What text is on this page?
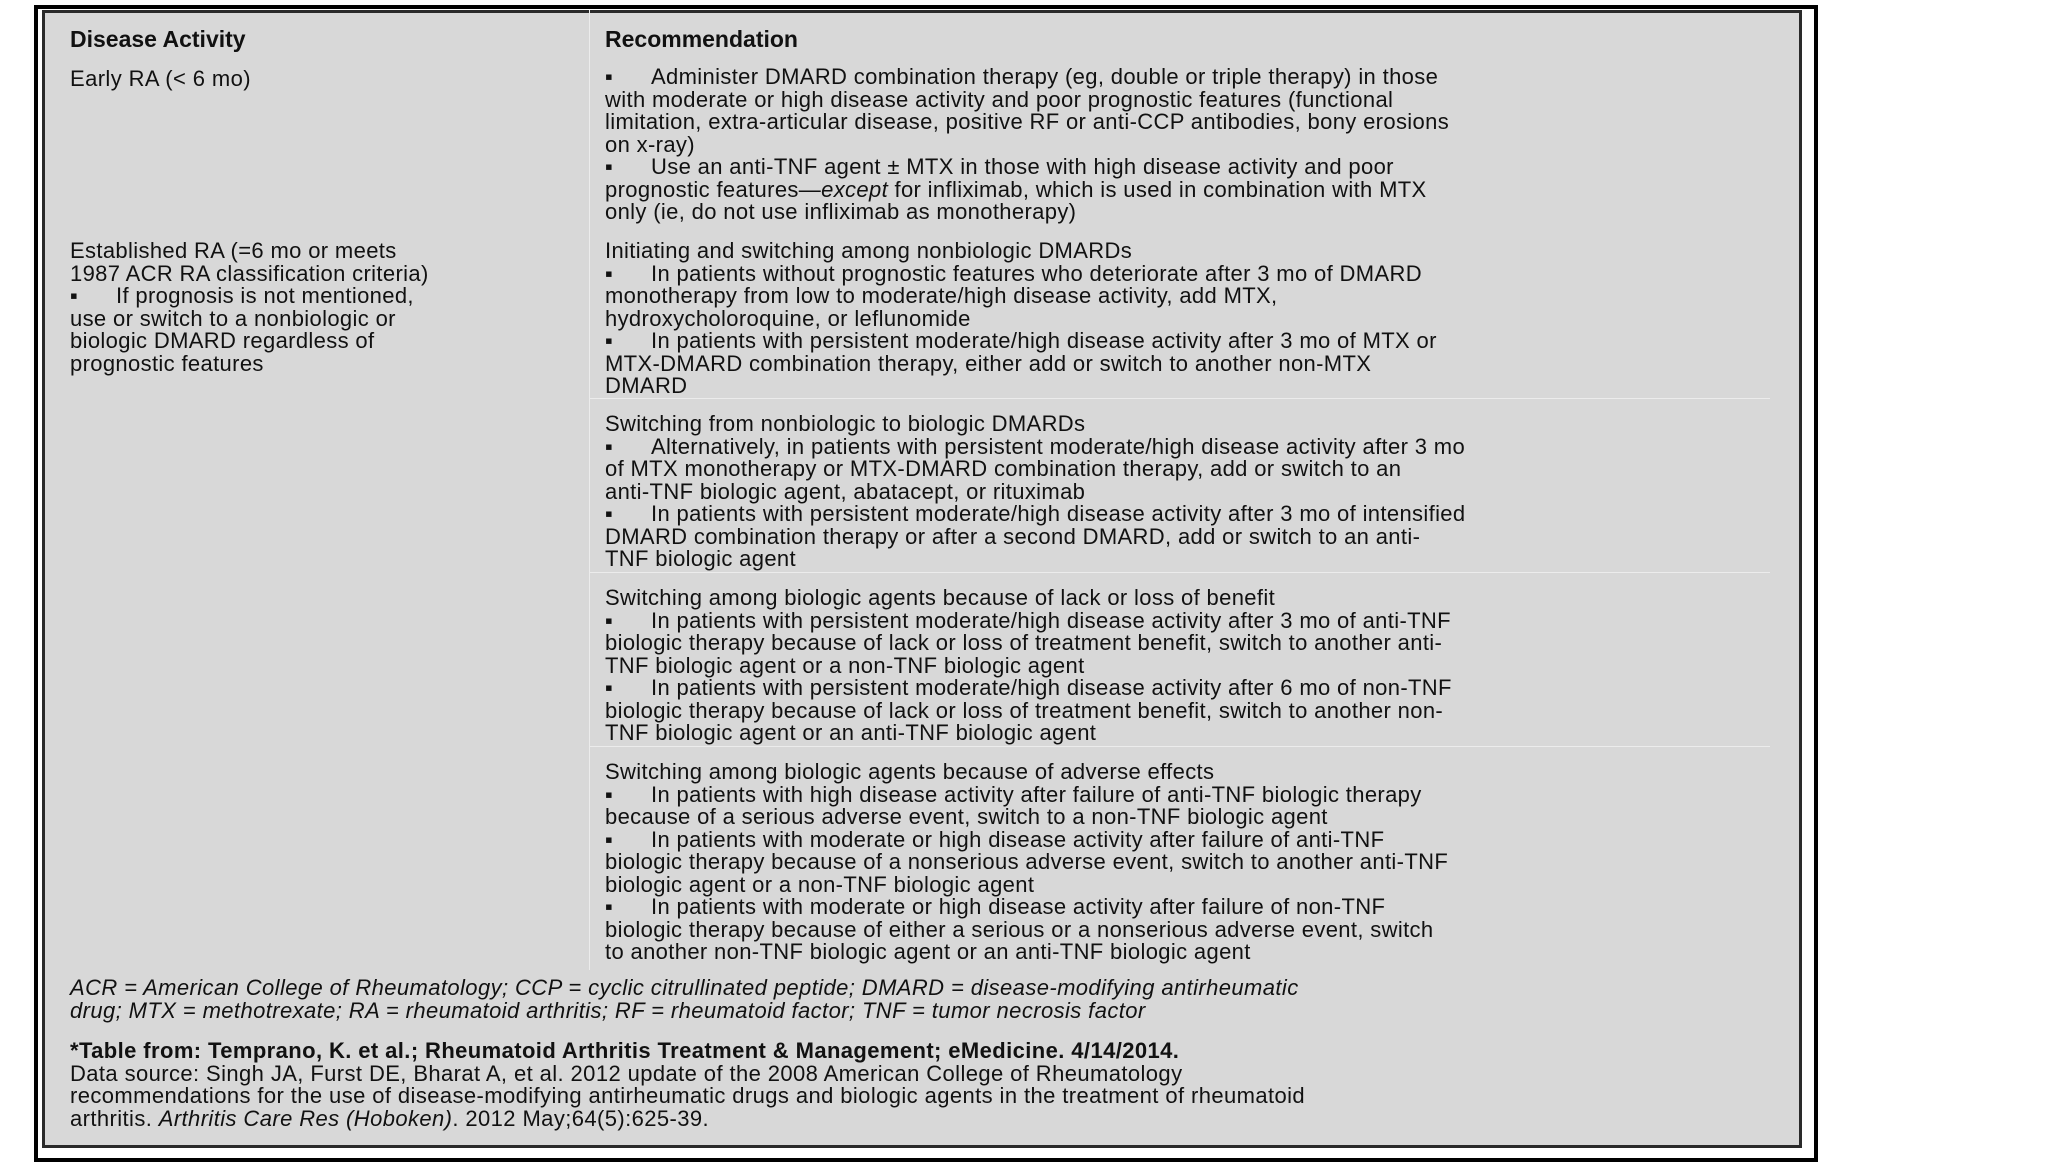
Disease Activity	Recommendation
Early RA (< 6 mo)	▪ Administer DMARD combination therapy (eg, double or triple therapy) in those
with moderate or high disease activity and poor prognostic features (functional
limitation, extra-articular disease, positive RF or anti-CCP antibodies, bony erosions
on x-ray)
▪ Use an anti-TNF agent ± MTX in those with high disease activity and poor
prognostic features—except for infliximab, which is used in combination with MTX
only (ie, do not use infliximab as monotherapy)
Established RA (=6 mo or meets
1987 ACR RA classification criteria)
▪ If prognosis is not mentioned,
use or switch to a nonbiologic or
biologic DMARD regardless of
prognostic features
Initiating and switching among nonbiologic DMARDs
▪ In patients without prognostic features who deteriorate after 3 mo of DMARD
monotherapy from low to moderate/high disease activity, add MTX,
hydroxycholoroquine, or leflunomide
▪ In patients with persistent moderate/high disease activity after 3 mo of MTX or
MTX-DMARD combination therapy, either add or switch to another non-MTX
DMARD
Switching from nonbiologic to biologic DMARDs
▪ Alternatively, in patients with persistent moderate/high disease activity after 3 mo
of MTX monotherapy or MTX-DMARD combination therapy, add or switch to an
anti-TNF biologic agent, abatacept, or rituximab
▪ In patients with persistent moderate/high disease activity after 3 mo of intensified
DMARD combination therapy or after a second DMARD, add or switch to an anti-
TNF biologic agent
Switching among biologic agents because of lack or loss of benefit
▪ In patients with persistent moderate/high disease activity after 3 mo of anti-TNF
biologic therapy because of lack or loss of treatment benefit, switch to another anti-
TNF biologic agent or a non-TNF biologic agent
▪ In patients with persistent moderate/high disease activity after 6 mo of non-TNF
biologic therapy because of lack or loss of treatment benefit, switch to another non-
TNF biologic agent or an anti-TNF biologic agent
Switching among biologic agents because of adverse effects
▪ In patients with high disease activity after failure of anti-TNF biologic therapy
because of a serious adverse event, switch to a non-TNF biologic agent
▪ In patients with moderate or high disease activity after failure of anti-TNF
biologic therapy because of a nonserious adverse event, switch to another anti-TNF
biologic agent or a non-TNF biologic agent
▪ In patients with moderate or high disease activity after failure of non-TNF
biologic therapy because of either a serious or a nonserious adverse event, switch
to another non-TNF biologic agent or an anti-TNF biologic agent
ACR = American College of Rheumatology; CCP = cyclic citrullinated peptide; DMARD = disease-modifying antirheumatic
drug; MTX = methotrexate; RA = rheumatoid arthritis; RF = rheumatoid factor; TNF = tumor necrosis factor
*Table from: Temprano, K. et al.; Rheumatoid Arthritis Treatment & Management; eMedicine. 4/14/2014.
Data source: Singh JA, Furst DE, Bharat A, et al. 2012 update of the 2008 American College of Rheumatology
recommendations for the use of disease-modifying antirheumatic drugs and biologic agents in the treatment of rheumatoid
arthritis. Arthritis Care Res (Hoboken). 2012 May;64(5):625-39.
